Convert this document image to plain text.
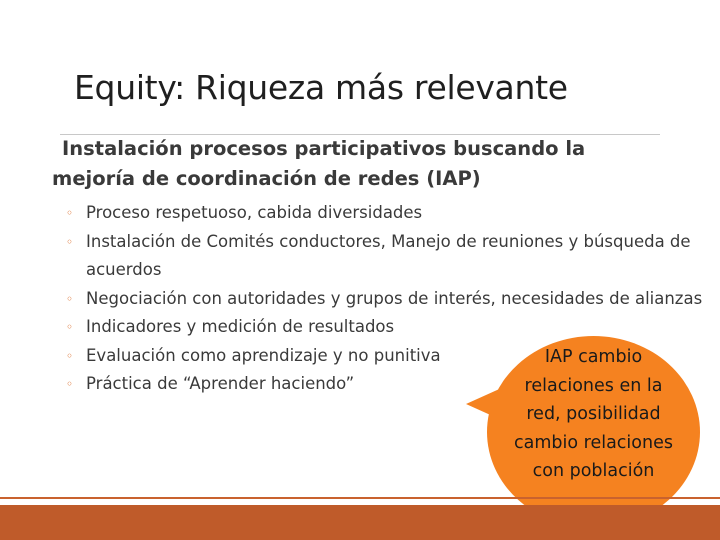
Equity: Riqueza más relevante
Instalación procesos participativos buscando la
mejoría de coordinación de redes (IAP)
◦ Proceso respetuoso, cabida diversidades
◦ Instalación de Comités conductores, Manejo de reuniones y búsqueda de acuerdos
◦ Negociación con autoridades y grupos de interés, necesidades de alianzas
◦ Indicadores y medición de resultados
◦ Evaluación como aprendizaje y no punitiva
◦ Práctica de “Aprender haciendo”
IAP cambio
relaciones en la
red, posibilidad
cambio relaciones
con población
